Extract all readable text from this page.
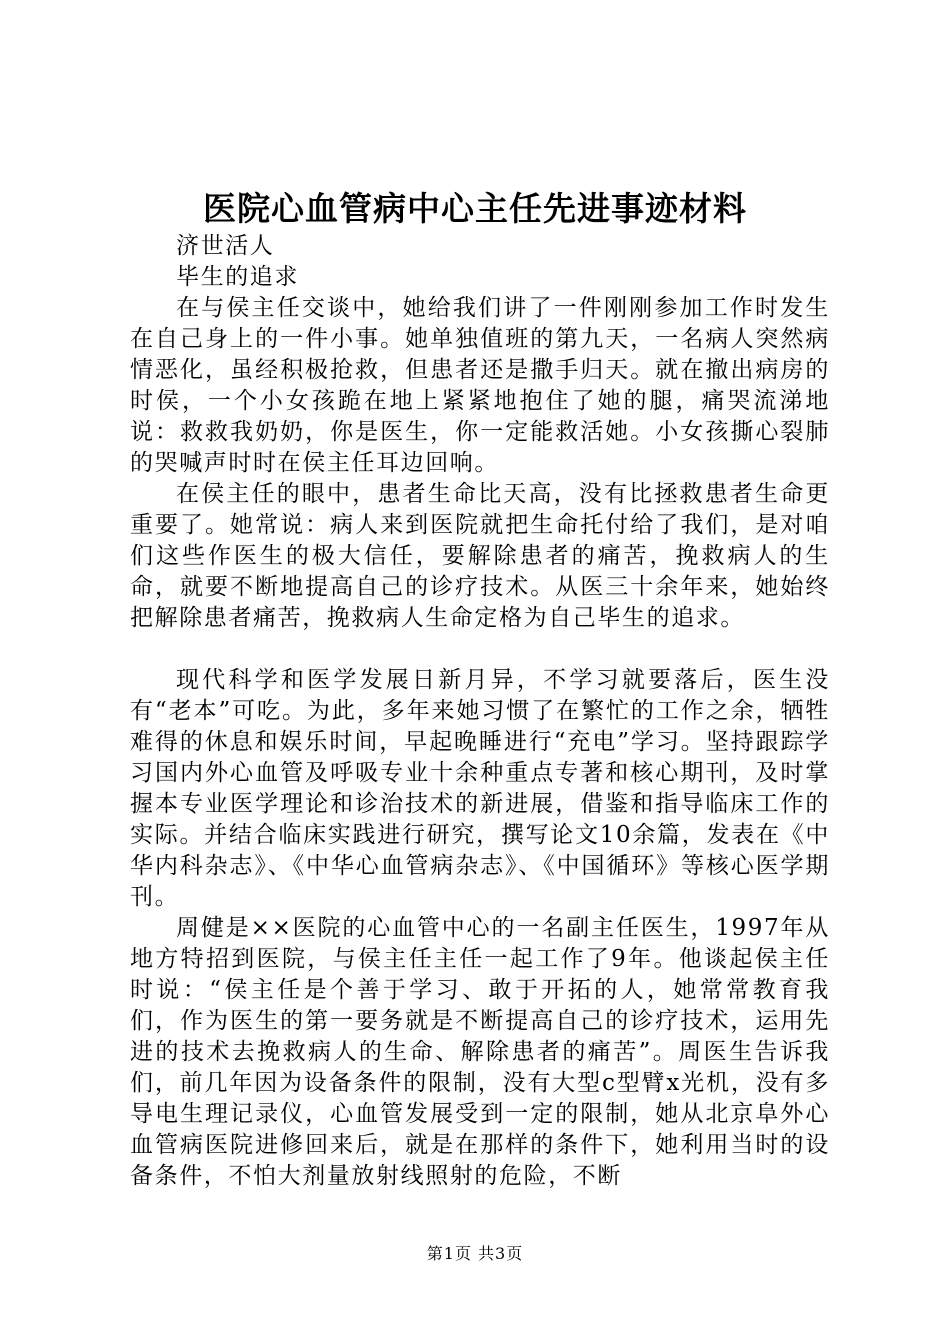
医院心血管病中心主任先进事迹材料

济世活人

毕生的追求

在与侯主任交谈中，她给我们讲了一件刚刚参加工作时发生在自己身上的一件小事。她单独值班的第九天，一名病人突然病情恶化，虽经积极抢救，但患者还是撒手归天。就在撤出病房的时侯，一个小女孩跪在地上紧紧地抱住了她的腿，痛哭流涕地说：救救我奶奶，你是医生，你一定能救活她。小女孩撕心裂肺的哭喊声时时在侯主任耳边回响。

在侯主任的眼中，患者生命比天高，没有比拯救患者生命更重要了。她常说：病人来到医院就把生命托付给了我们，是对咱们这些作医生的极大信任，要解除患者的痛苦，挽救病人的生命，就要不断地提高自己的诊疗技术。从医三十余年来，她始终把解除患者痛苦，挽救病人生命定格为自己毕生的追求。

现代科学和医学发展日新月异，不学习就要落后，医生没有“老本”可吃。为此，多年来她习惯了在繁忙的工作之余，牺牲难得的休息和娱乐时间，早起晚睡进行“充电”学习。坚持跟踪学习国内外心血管及呼吸专业十余种重点专著和核心期刊，及时掌握本专业医学理论和诊治技术的新进展，借鉴和指导临床工作的实际。并结合临床实践进行研究，撰写论文10余篇，发表在《中华内科杂志》、《中华心血管病杂志》、《中国循环》等核心医学期刊。

周健是××医院的心血管中心的一名副主任医生，1997年从地方特招到医院，与侯主任主任一起工作了9年。他谈起侯主任时说：“侯主任是个善于学习、敢于开拓的人，她常常教育我们，作为医生的第一要务就是不断提高自己的诊疗技术，运用先进的技术去挽救病人的生命、解除患者的痛苦”。周医生告诉我们，前几年因为设备条件的限制，没有大型c型臂x光机，没有多导电生理记录仪，心血管发展受到一定的限制，她从北京阜外心血管病医院进修回来后，就是在那样的条件下，她利用当时的设备条件，不怕大剂量放射线照射的危险，不断

第1页 共3页
